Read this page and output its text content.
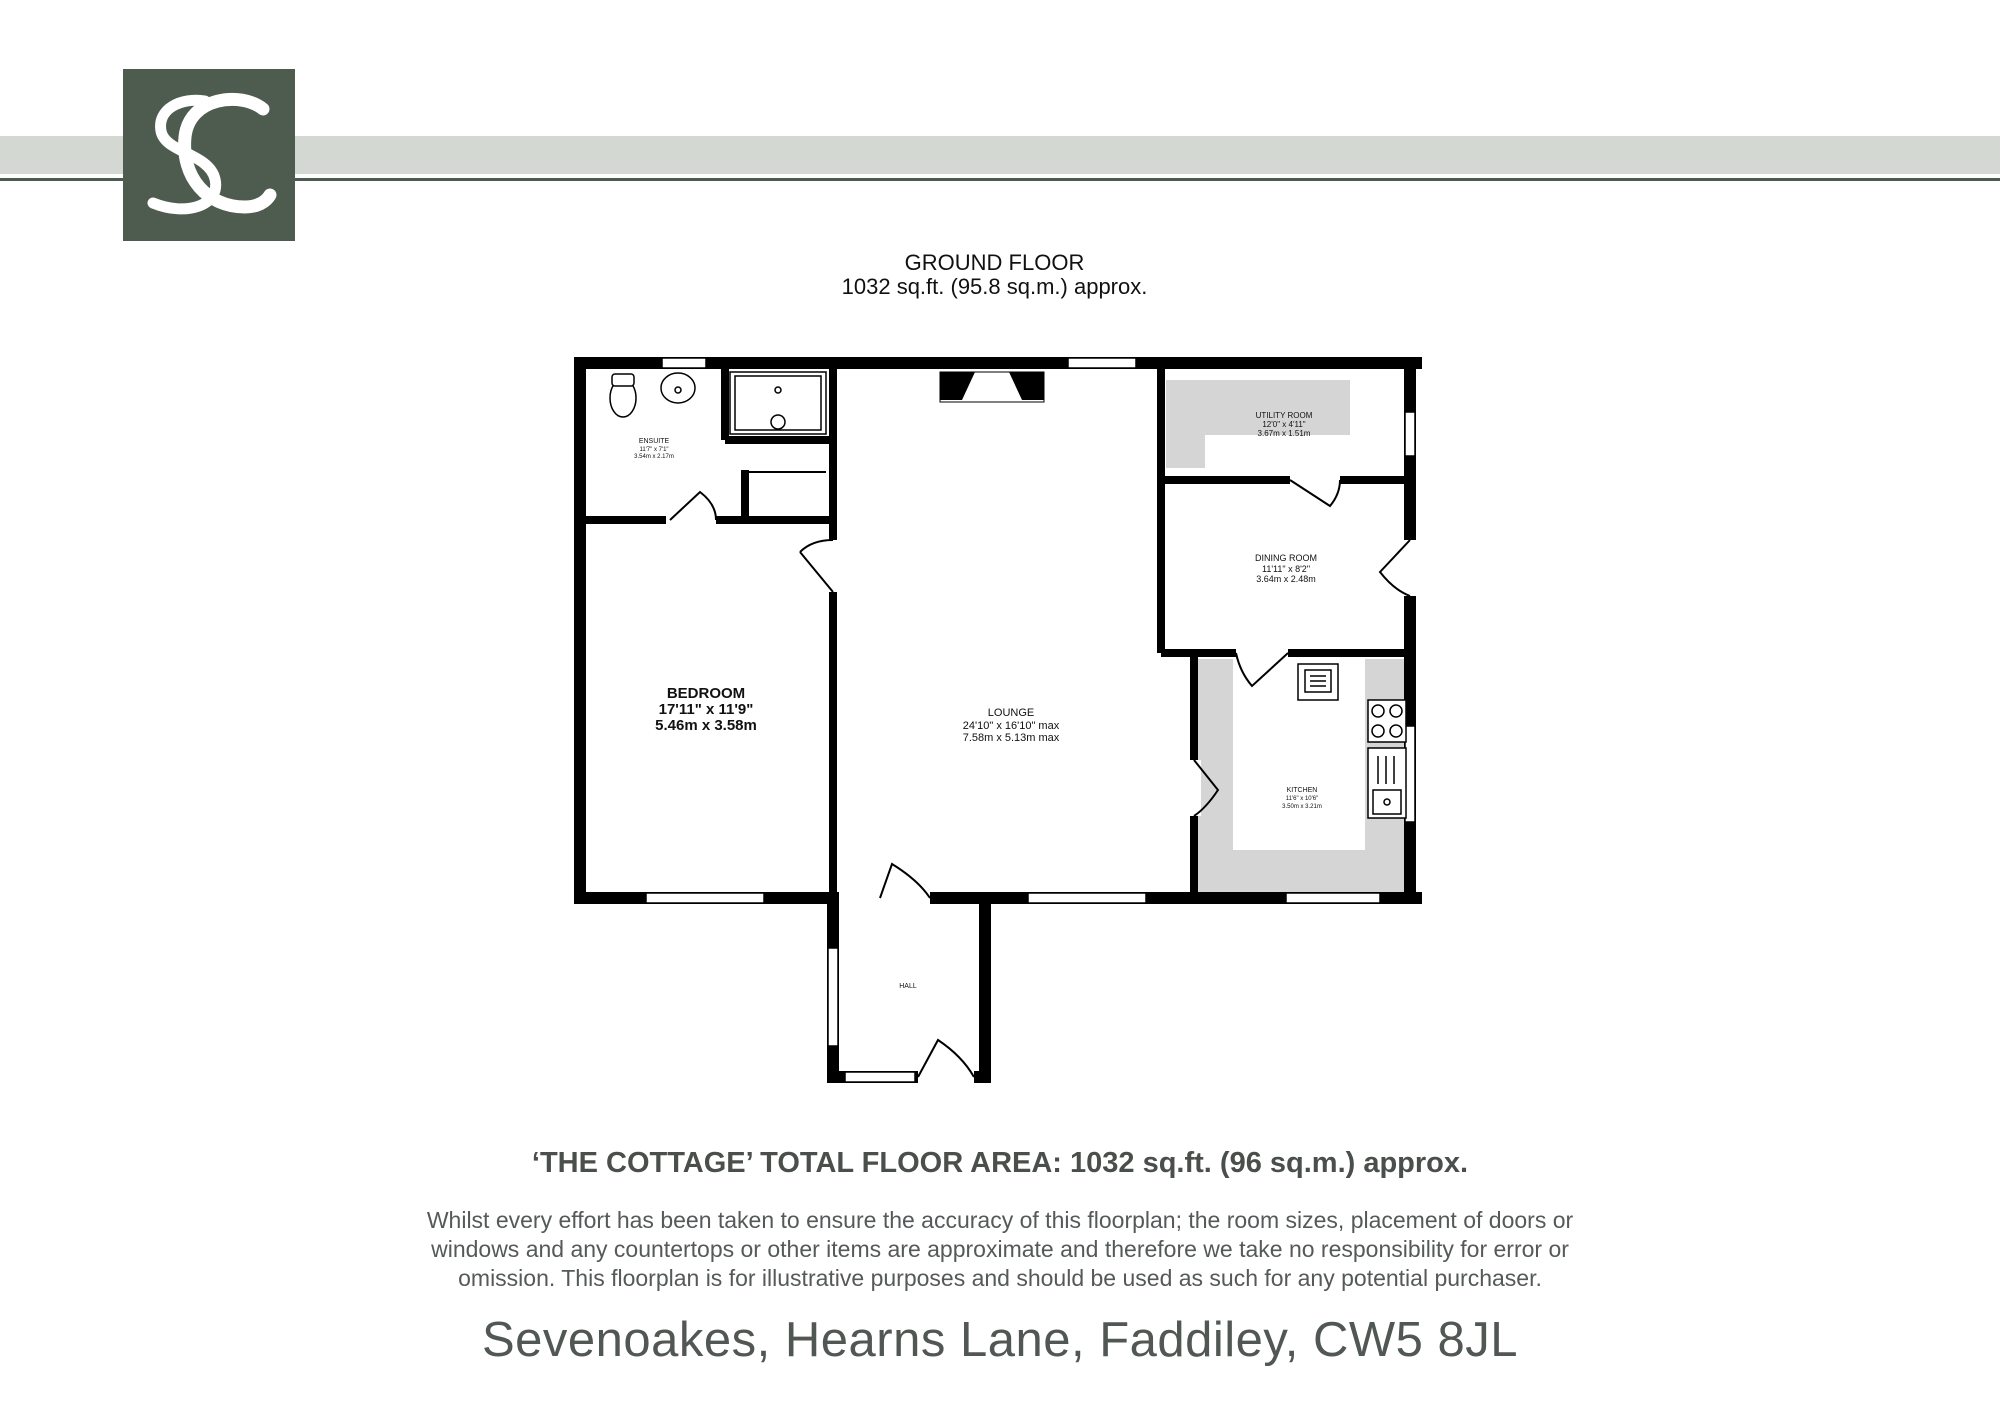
GROUND FLOOR
1032 sq.ft. (95.8 sq.m.) approx.
ENSUITE
11'7" x 7'1"
3.54m x 2.17m
BEDROOM
17'11" x 11'9"
5.46m x 3.58m
LOUNGE
24'10" x 16'10" max
7.58m x 5.13m max
UTILITY ROOM
12'0" x 4'11"
3.67m x 1.51m
DINING ROOM
11'11" x 8'2"
3.64m x 2.48m
KITCHEN
11'6" x 10'6"
3.50m x 3.21m
HALL
‘THE COTTAGE’ TOTAL FLOOR AREA: 1032 sq.ft. (96 sq.m.) approx.
Whilst every effort has been taken to ensure the accuracy of this floorplan; the room sizes, placement of doors or windows and any countertops or other items are approximate and therefore we take no responsibility for error or omission. This floorplan is for illustrative purposes and should be used as such for any potential purchaser.
Sevenoakes, Hearns Lane, Faddiley, CW5 8JL
